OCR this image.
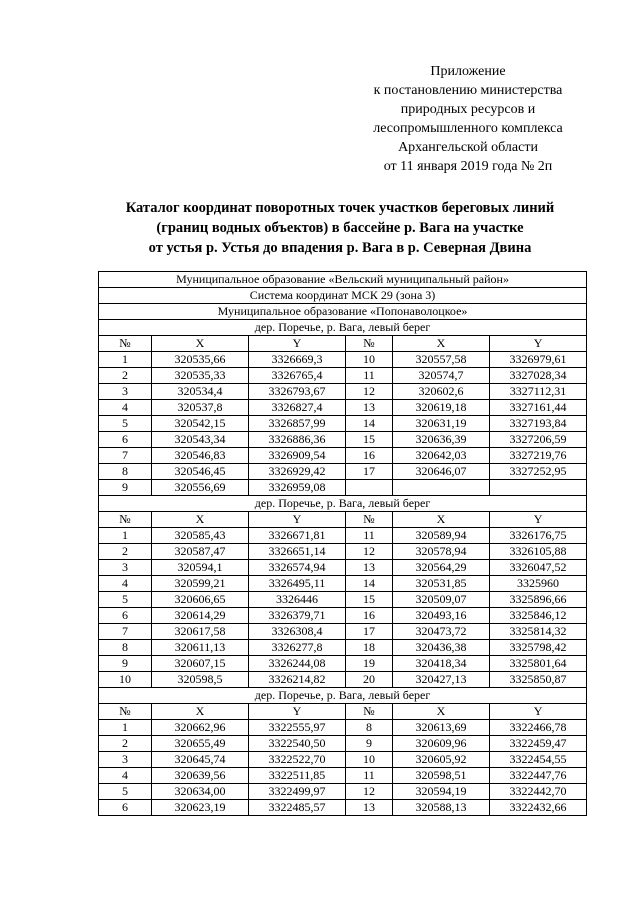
Приложение
к постановлению министерства
природных ресурсов и
лесопромышленного комплекса
Архангельской области
от 11 января 2019 года № 2п
Каталог координат поворотных точек участков береговых линий
(границ водных объектов) в бассейне р. Вага на участке
от устья р. Устья до впадения р. Вага в р. Северная Двина
Муниципальное образование «Вельский муниципальный район»					
Система координат МСК 29 (зона 3)					
Муниципальное образование «Попонаволоцкое»					
дер. Поречье, р. Вага, левый берег					
№	X	Y	№	X	Y
1	320535,66	3326669,3	10	320557,58	3326979,61
2	320535,33	3326765,4	11	320574,7	3327028,34
3	320534,4	3326793,67	12	320602,6	3327112,31
4	320537,8	3326827,4	13	320619,18	3327161,44
5	320542,15	3326857,99	14	320631,19	3327193,84
6	320543,34	3326886,36	15	320636,39	3327206,59
7	320546,83	3326909,54	16	320642,03	3327219,76
8	320546,45	3326929,42	17	320646,07	3327252,95
9	320556,69	3326959,08			
дер. Поречье, р. Вага, левый берег					
№	X	Y	№	X	Y
1	320585,43	3326671,81	11	320589,94	3326176,75
2	320587,47	3326651,14	12	320578,94	3326105,88
3	320594,1	3326574,94	13	320564,29	3326047,52
4	320599,21	3326495,11	14	320531,85	3325960
5	320606,65	3326446	15	320509,07	3325896,66
6	320614,29	3326379,71	16	320493,16	3325846,12
7	320617,58	3326308,4	17	320473,72	3325814,32
8	320611,13	3326277,8	18	320436,38	3325798,42
9	320607,15	3326244,08	19	320418,34	3325801,64
10	320598,5	3326214,82	20	320427,13	3325850,87
дер. Поречье, р. Вага, левый берег					
№	X	Y	№	X	Y
1	320662,96	3322555,97	8	320613,69	3322466,78
2	320655,49	3322540,50	9	320609,96	3322459,47
3	320645,74	3322522,70	10	320605,92	3322454,55
4	320639,56	3322511,85	11	320598,51	3322447,76
5	320634,00	3322499,97	12	320594,19	3322442,70
6	320623,19	3322485,57	13	320588,13	3322432,66
